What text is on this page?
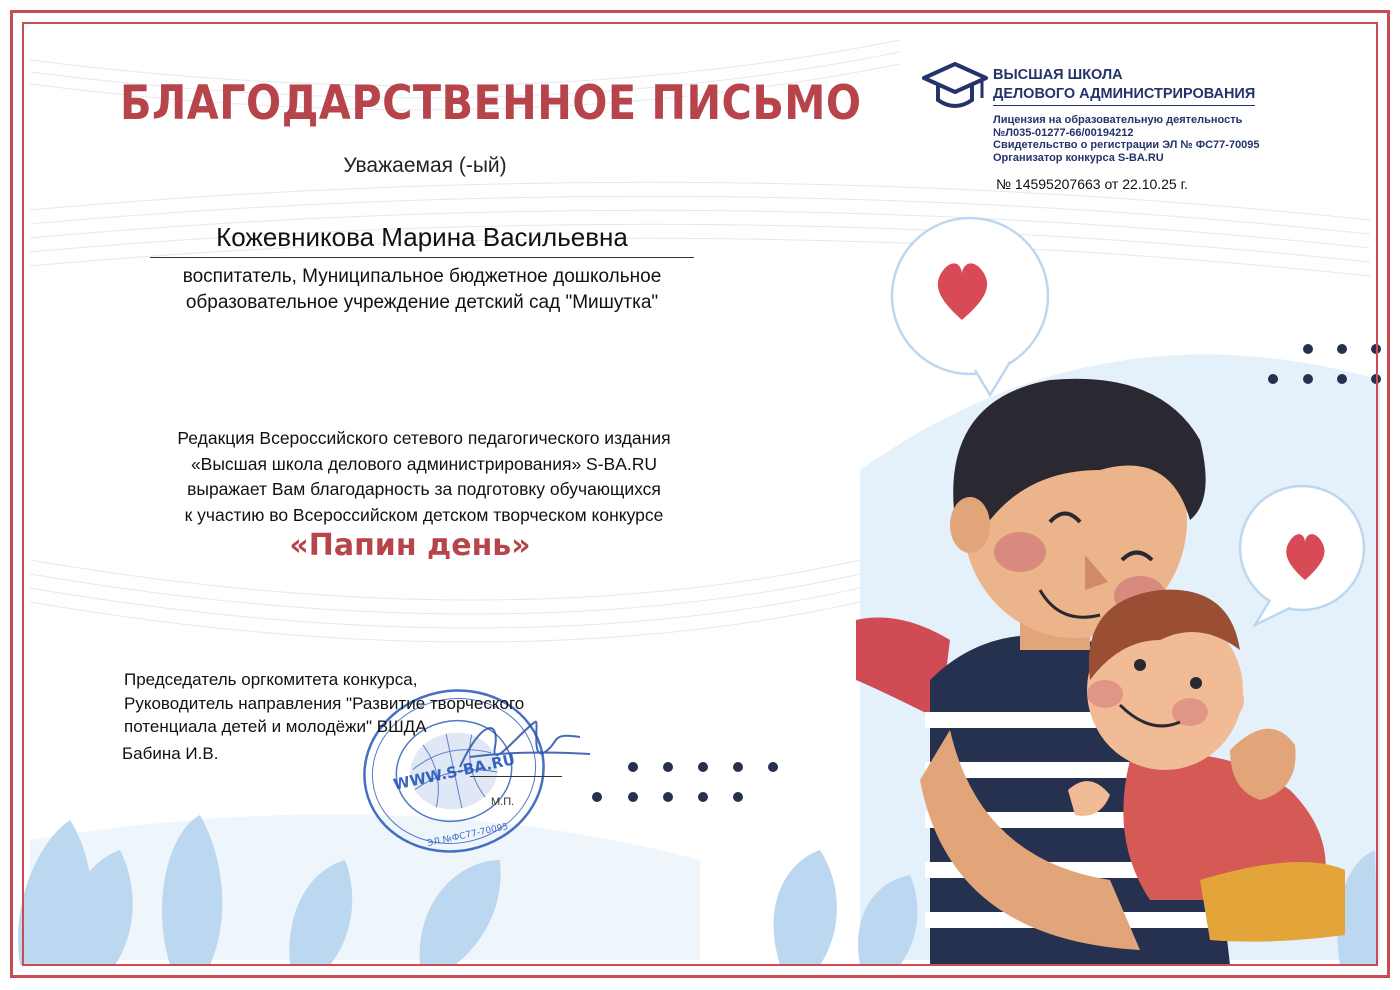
БЛАГОДАРСТВЕННОЕ ПИСЬМО
Уважаемая (-ый)
Кожевникова Марина Васильевна
воспитатель, Муниципальное бюджетное дошкольное
образовательное учреждение детский сад "Мишутка"
Редакция Всероссийского сетевого педагогического издания
«Высшая школа делового администрирования» S-BA.RU
выражает Вам благодарность за подготовку обучающихся
к участию во Всероссийском детском творческом конкурсе
«Папин день»
WWW.S-BA.RU
ЭЛ №ФС77-70095
Председатель оргкомитета конкурса,
Руководитель направления "Развитие творческого
потенциала детей и молодёжи" ВШДА
Бабина И.В.
М.П.
ВЫСШАЯ ШКОЛА
ДЕЛОВОГО АДМИНИСТРИРОВАНИЯ
Лицензия на образовательную деятельность
№Л035-01277-66/00194212
Свидетельство о регистрации ЭЛ № ФС77-70095
Организатор конкурса S-BA.RU
№ 14595207663 от 22.10.25 г.
